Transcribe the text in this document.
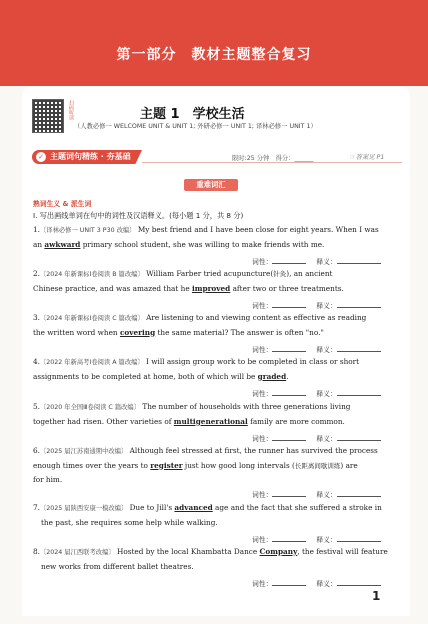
第一部分　教材主题整合复习
扫码听读	主题 1　学校生活
（人教必修一 WELCOME UNIT & UNIT 1; 外研必修一 UNIT 1; 译林必修一 UNIT 1）
✓ 主题词句精练 · 夯基础	限时:25 分钟　得分：______	☞答案见 P1
重难词汇
熟词生义 & 派生词
Ⅰ. 写出画线单词在句中的词性及汉语释义。(每小题 1 分，共 8 分)
1.〔译林必修一 UNIT 3 P30 改编〕 My best friend and I have been close for eight years. When I was
an awkward primary school student, she was willing to make friends with me.
词性：	释义：
2.〔2024 年新课标Ⅰ卷阅读 B 篇改编〕 William Farber tried acupuncture(针灸), an ancient
Chinese practice, and was amazed that he improved after two or three treatments.
词性：	释义：
3.〔2024 年新课标Ⅰ卷阅读 C 篇改编〕 Are listening to and viewing content as effective as reading
the written word when covering the same material? The answer is often "no."
词性：	释义：
4.〔2022 年新高考Ⅰ卷阅读 A 篇改编〕 I will assign group work to be completed in class or short
assignments to be completed at home, both of which will be graded.
词性：	释义：
5.〔2020 年全国Ⅲ卷阅读 C 篇改编〕 The number of households with three generations living
together had risen. Other varieties of multigenerational family are more common.
词性：	释义：
6.〔2025 届江苏南通期中改编〕 Although feel stressed at first, the runner has survived the process
enough times over the years to register just how good long intervals (长距离间歇训练) are
for him.
词性：	释义：
7.〔2025 届陕西安康一模改编〕 Due to Jill's advanced age and the fact that she suffered a stroke in
the past, she requires some help while walking.
词性：	释义：
8.〔2024 届江西联考改编〕 Hosted by the local Khambatta Dance Company, the festival will feature
new works from different ballet theatres.
词性：	释义：
1
